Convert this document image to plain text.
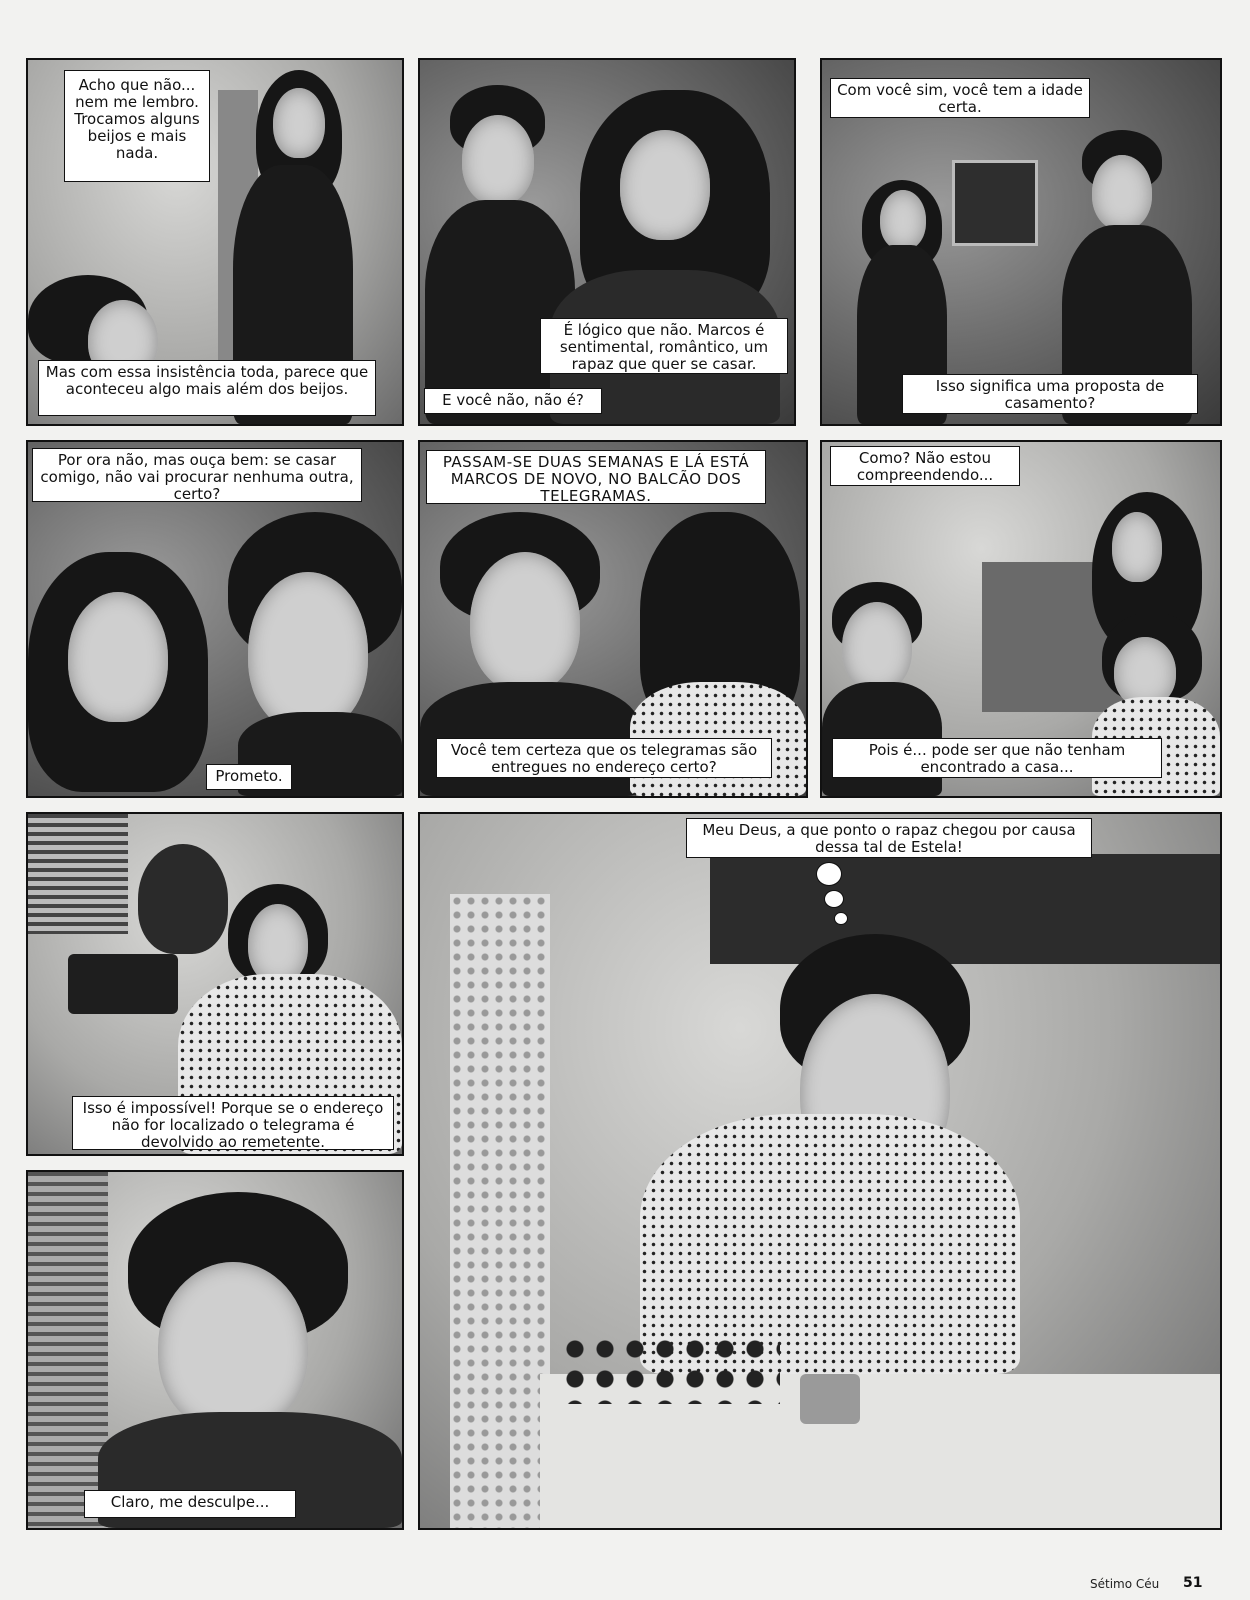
Acho que não... nem me lembro. Trocamos alguns beijos e mais nada.
Mas com essa insistência toda, parece que aconteceu algo mais além dos beijos.
É lógico que não. Marcos é sentimental, romântico, um rapaz que quer se casar.
E você não, não é?
Com você sim, você tem a idade certa.
Isso significa uma proposta de casamento?
Por ora não, mas ouça bem: se casar comigo, não vai procurar nenhuma outra, certo?
Prometo.
PASSAM-SE DUAS SEMANAS E LÁ ESTÁ MARCOS DE NOVO, NO BALCÃO DOS TELEGRAMAS.
Você tem certeza que os telegramas são entregues no endereço certo?
Como? Não estou compreendendo...
Pois é... pode ser que não tenham encontrado a casa...
Isso é impossível! Porque se o endereço não for localizado o telegrama é devolvido ao remetente.
Claro, me desculpe...
Meu Deus, a que ponto o rapaz chegou por causa dessa tal de Estela!
Sétimo Céu 51
